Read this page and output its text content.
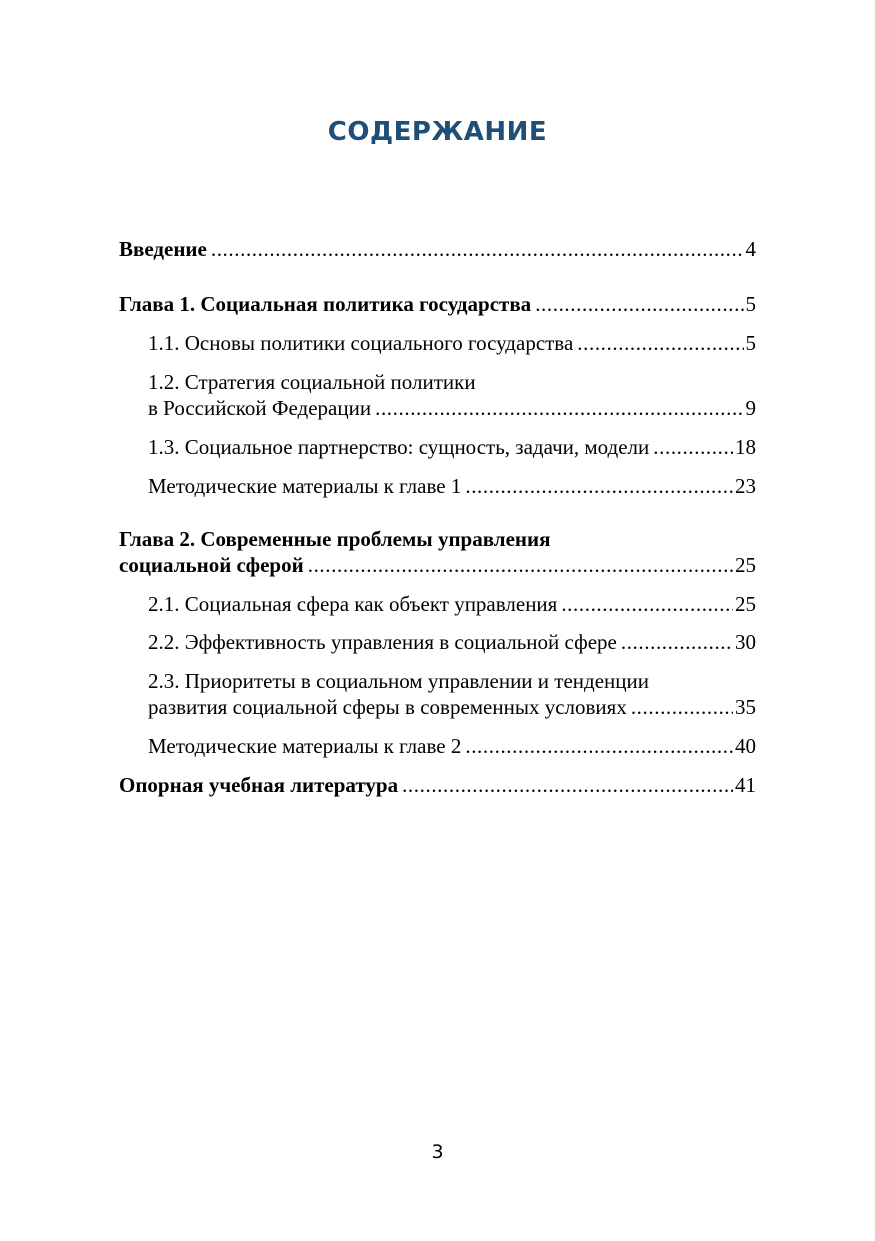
СОДЕРЖАНИЕ
Введение .....	4
Глава 1. Социальная политика государства .....	5
1.1. Основы политики социального государства .....	5
1.2. Стратегия социальной политики
в Российской Федерации .....	9
1.3. Социальное партнерство: сущность, задачи, модели .....	18
Методические материалы к главе 1 .....	23
Глава 2. Современные проблемы управления
социальной сферой .....	25
2.1. Социальная сфера как объект управления .....	25
2.2. Эффективность управления в социальной сфере .....	30
2.3. Приоритеты в социальном управлении и тенденции
развития социальной сферы в современных условиях .....	35
Методические материалы к главе 2 .....	40
Опорная учебная литература .....	41
3
